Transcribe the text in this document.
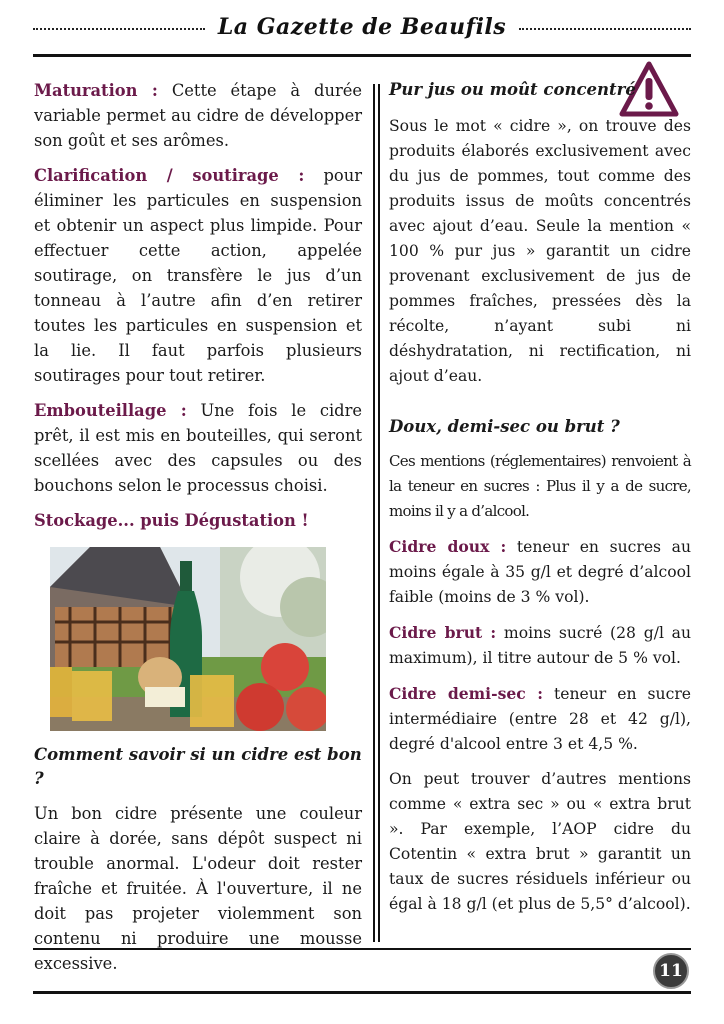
La Gazette de Beaufils

Maturation : Cette étape à durée variable permet au cidre de développer son goût et ses arômes.

Clarification / soutirage : pour éliminer les particules en suspension et obtenir un aspect plus limpide. Pour effectuer cette action, appelée soutirage, on transfère le jus d’un tonneau à l’autre afin d’en retirer toutes les particules en suspension et la lie. Il faut parfois plusieurs soutirages pour tout retirer.

Embouteillage : Une fois le cidre prêt, il est mis en bouteilles, qui seront scellées avec des capsules ou des bouchons selon le processus choisi.

Stockage... puis Dégustation !

Comment savoir si un cidre est bon ?

Un bon cidre présente une couleur claire à dorée, sans dépôt suspect ni trouble anormal. L'odeur doit rester fraîche et fruitée. À l'ouverture, il ne doit pas projeter violemment son contenu ni produire une mousse excessive.

Pur jus ou moût concentré

Sous le mot « cidre », on trouve des produits élaborés exclusivement avec du jus de pommes, tout comme des produits issus de moûts concentrés avec ajout d’eau. Seule la mention « 100 % pur jus » garantit un cidre provenant exclusivement de jus de pommes fraîches, pressées dès la récolte, n’ayant subi ni déshydratation, ni rectification, ni ajout d’eau.

Doux, demi-sec ou brut ?

Ces mentions (réglementaires) renvoient à la teneur en sucres : Plus il y a de sucre, moins il y a d’alcool.

Cidre doux : teneur en sucres au moins égale à 35 g/l et degré d’alcool faible (moins de 3 % vol).

Cidre brut : moins sucré (28 g/l au maximum), il titre autour de 5 % vol.

Cidre demi-sec : teneur en sucre intermédiaire (entre 28 et 42 g/l), degré d'alcool entre 3 et 4,5 %.

On peut trouver d’autres mentions comme « extra sec » ou « extra brut ». Par exemple, l’AOP cidre du Cotentin « extra brut » garantit un taux de sucres résiduels inférieur ou égal à 18 g/l (et plus de 5,5° d’alcool).

11
